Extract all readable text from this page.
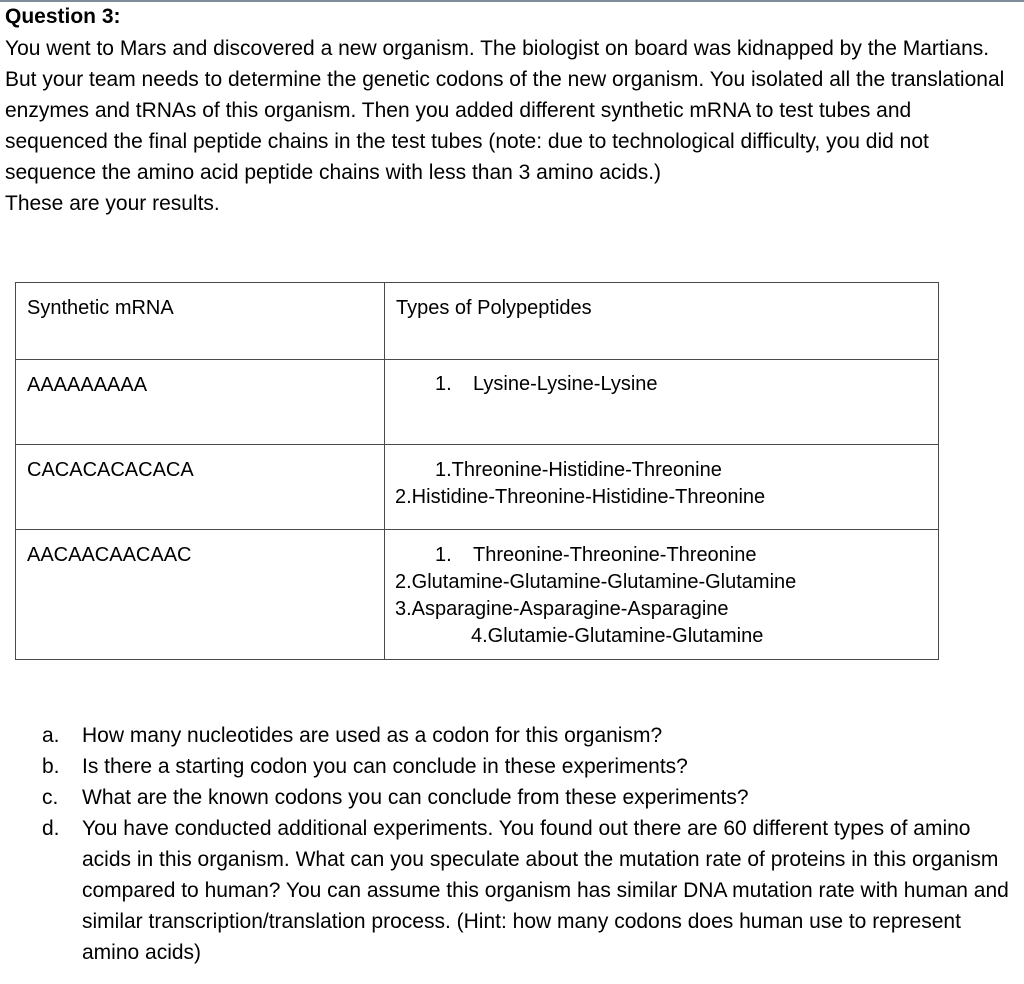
Question 3:

You went to Mars and discovered a new organism. The biologist on board was kidnapped by the Martians. But your team needs to determine the genetic codons of the new organism. You isolated all the translational enzymes and tRNAs of this organism. Then you added different synthetic mRNA to test tubes and sequenced the final peptide chains in the test tubes (note: due to technological difficulty, you did not sequence the amino acid peptide chains with less than 3 amino acids.)

These are your results.

Synthetic mRNA	Types of Polypeptides

AAAAAAAAA	1. Lysine-Lysine-Lysine

CACACACACACA	1.Threonine-Histidine-Threonine
2.Histidine-Threonine-Histidine-Threonine

AACAACAACAAC	1. Threonine-Threonine-Threonine
2.Glutamine-Glutamine-Glutamine-Glutamine
3.Asparagine-Asparagine-Asparagine
4.Glutamie-Glutamine-Glutamine
a. How many nucleotides are used as a codon for this organism?
b. Is there a starting codon you can conclude in these experiments?
c. What are the known codons you can conclude from these experiments?
d. You have conducted additional experiments. You found out there are 60 different types of amino acids in this organism. What can you speculate about the mutation rate of proteins in this organism compared to human? You can assume this organism has similar DNA mutation rate with human and similar transcription/translation process. (Hint: how many codons does human use to represent amino acids)
